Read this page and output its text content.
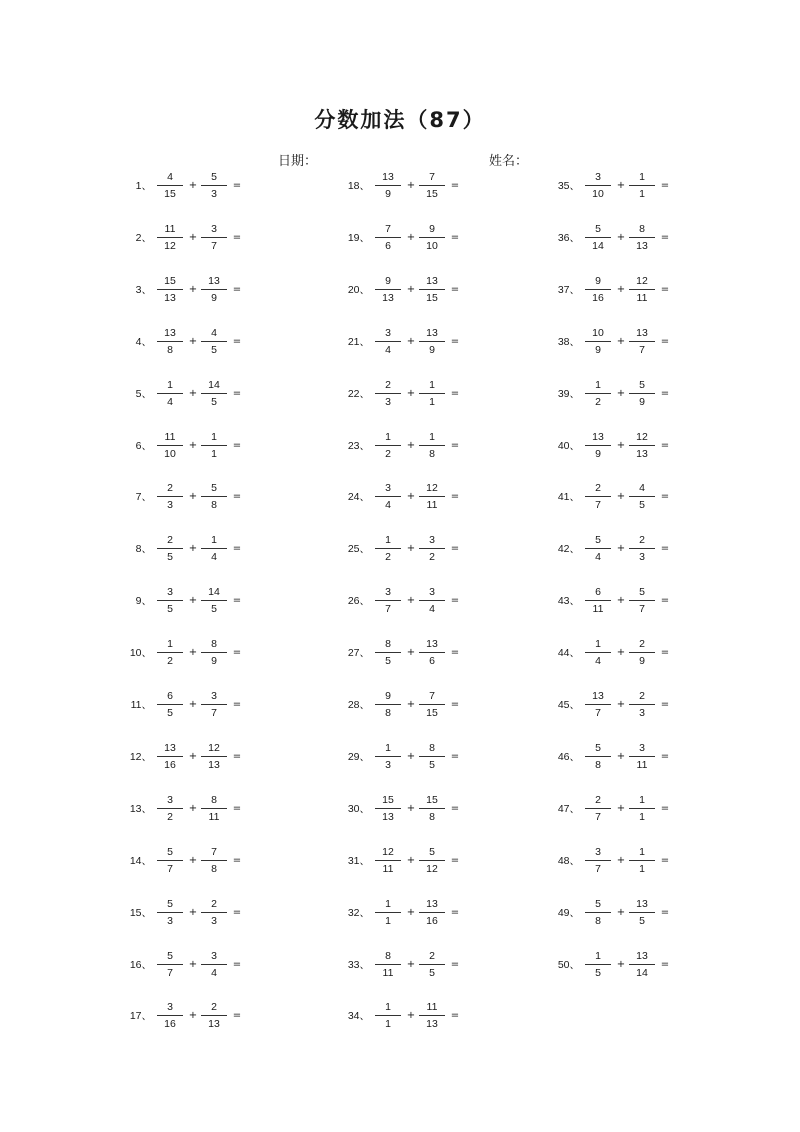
分数加法（87）
日期：	姓名：
1、
4
15
+
5
3
=
2、
11
12
+
3
7
=
3、
15
13
+
13
9
=
4、
13
8
+
4
5
=
5、
1
4
+
14
5
=
6、
11
10
+
1
1
=
7、
2
3
+
5
8
=
8、
2
5
+
1
4
=
9、
3
5
+
14
5
=
10、
1
2
+
8
9
=
11、
6
5
+
3
7
=
12、
13
16
+
12
13
=
13、
3
2
+
8
11
=
14、
5
7
+
7
8
=
15、
5
3
+
2
3
=
16、
5
7
+
3
4
=
17、
3
16
+
2
13
=
18、
13
9
+
7
15
=
19、
7
6
+
9
10
=
20、
9
13
+
13
15
=
21、
3
4
+
13
9
=
22、
2
3
+
1
1
=
23、
1
2
+
1
8
=
24、
3
4
+
12
11
=
25、
1
2
+
3
2
=
26、
3
7
+
3
4
=
27、
8
5
+
13
6
=
28、
9
8
+
7
15
=
29、
1
3
+
8
5
=
30、
15
13
+
15
8
=
31、
12
11
+
5
12
=
32、
1
1
+
13
16
=
33、
8
11
+
2
5
=
34、
1
1
+
11
13
=
35、
3
10
+
1
1
=
36、
5
14
+
8
13
=
37、
9
16
+
12
11
=
38、
10
9
+
13
7
=
39、
1
2
+
5
9
=
40、
13
9
+
12
13
=
41、
2
7
+
4
5
=
42、
5
4
+
2
3
=
43、
6
11
+
5
7
=
44、
1
4
+
2
9
=
45、
13
7
+
2
3
=
46、
5
8
+
3
11
=
47、
2
7
+
1
1
=
48、
3
7
+
1
1
=
49、
5
8
+
13
5
=
50、
1
5
+
13
14
=
